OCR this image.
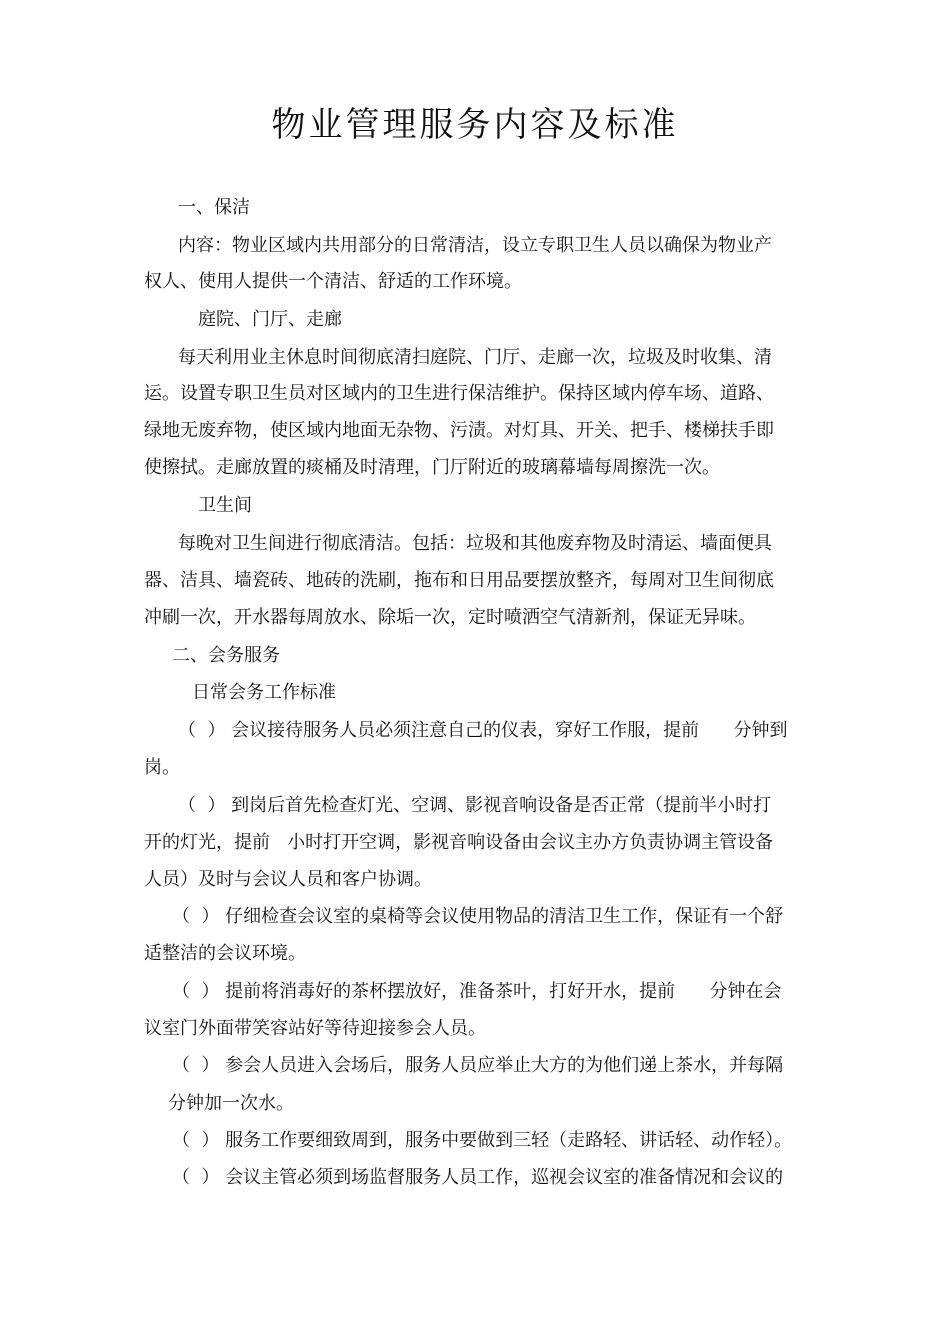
物业管理服务内容及标准
一、保洁
内容：物业区域内共用部分的日常清洁，设立专职卫生人员以确保为物业产
权人、使用人提供一个清洁、舒适的工作环境。
庭院、门厅、走廊
每天利用业主休息时间彻底清扫庭院、门厅、走廊一次，垃圾及时收集、清
运。设置专职卫生员对区域内的卫生进行保洁维护。保持区域内停车场、道路、
绿地无废弃物，使区域内地面无杂物、污渍。对灯具、开关、把手、楼梯扶手即
使擦拭。走廊放置的痰桶及时清理，门厅附近的玻璃幕墙每周擦洗一次。
卫生间
每晚对卫生间进行彻底清洁。包括：垃圾和其他废弃物及时清运、墙面便具
器、洁具、墙瓷砖、地砖的洗刷，拖布和日用品要摆放整齐，每周对卫生间彻底
冲刷一次，开水器每周放水、除垢一次，定时喷洒空气清新剂，保证无异味。
二、会务服务
日常会务工作标准
（  ） 会议接待服务人员必须注意自己的仪表，穿好工作服，提前      分钟到
岗。
（  ） 到岗后首先检查灯光、空调、影视音响设备是否正常（提前半小时打
开的灯光，提前   小时打开空调，影视音响设备由会议主办方负责协调主管设备
人员）及时与会议人员和客户协调。
（  ） 仔细检查会议室的桌椅等会议使用物品的清洁卫生工作，保证有一个舒
适整洁的会议环境。
（  ） 提前将消毒好的茶杯摆放好，准备茶叶，打好开水，提前      分钟在会
议室门外面带笑容站好等待迎接参会人员。
（  ） 参会人员进入会场后，服务人员应举止大方的为他们递上茶水，并每隔
分钟加一次水。
（  ） 服务工作要细致周到，服务中要做到三轻（走路轻、讲话轻、动作轻）。
（  ） 会议主管必须到场监督服务人员工作，巡视会议室的准备情况和会议的
